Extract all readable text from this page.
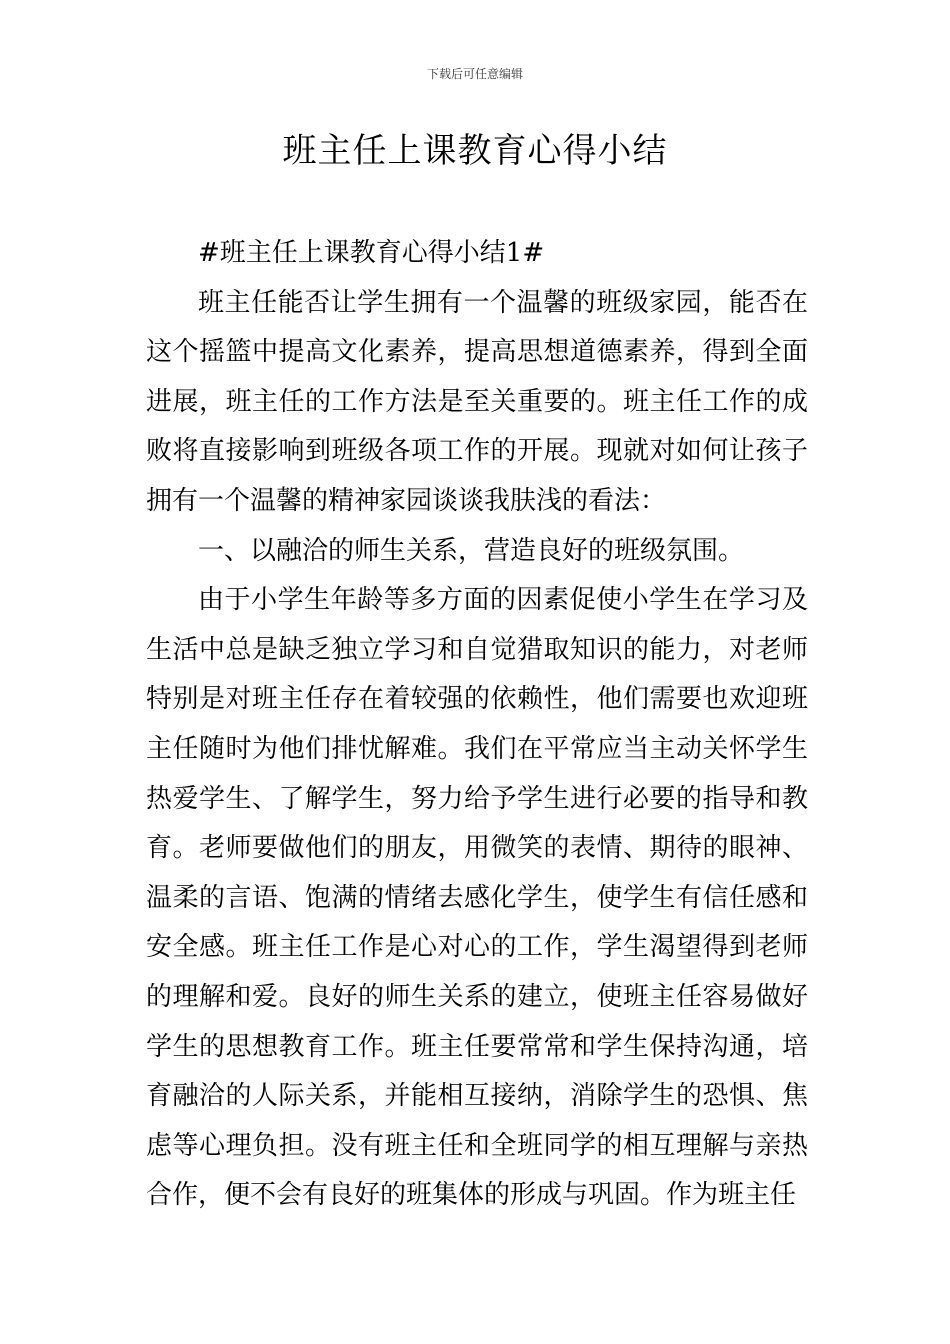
下载后可任意编辑
班主任上课教育心得小结

#班主任上课教育心得小结1#

班主任能否让学生拥有一个温馨的班级家园，能否在这个摇篮中提高文化素养，提高思想道德素养，得到全面进展，班主任的工作方法是至关重要的。班主任工作的成败将直接影响到班级各项工作的开展。现就对如何让孩子拥有一个温馨的精神家园谈谈我肤浅的看法：

一、以融洽的师生关系，营造良好的班级氛围。

由于小学生年龄等多方面的因素促使小学生在学习及生活中总是缺乏独立学习和自觉猎取知识的能力，对老师特别是对班主任存在着较强的依赖性，他们需要也欢迎班主任随时为他们排忧解难。我们在平常应当主动关怀学生热爱学生、了解学生，努力给予学生进行必要的指导和教育。老师要做他们的朋友，用微笑的表情、期待的眼神、温柔的言语、饱满的情绪去感化学生，使学生有信任感和安全感。班主任工作是心对心的工作，学生渴望得到老师的理解和爱。良好的师生关系的建立，使班主任容易做好学生的思想教育工作。班主任要常常和学生保持沟通，培育融洽的人际关系，并能相互接纳，消除学生的恐惧、焦虑等心理负担。没有班主任和全班同学的相互理解与亲热合作，便不会有良好的班集体的形成与巩固。作为班主任
